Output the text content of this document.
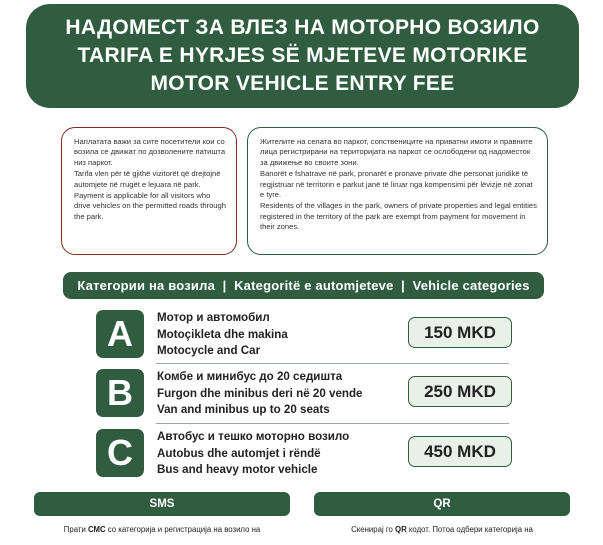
НАДОМЕСТ ЗА ВЛЕЗ НА МОТОРНО ВОЗИЛО
TARIFA E HYRJES SË MJETEVE MOTORIKE
MOTOR VEHICLE ENTRY FEE

Наплатата важи за сите посетители кои со возила се движат по дозволените патишта низ паркот.

Tarifa vlen për të gjithë vizitorët që drejtojnë automjete në rrugët e lejuara në park.

Payment is applicable for all visitors who drive vehicles on the permitted roads through the park.

Жителите на селата во паркот, сопствениците на приватни имоти и правните лица регистрирани на територијата на паркот се ослободени од надоместок за движење во своите зони.

Banorët e fshatrave në park, pronarët e pronave private dhe personat juridikë të regjistruar në territorin e parkut janë të liruar nga kompensimi për lëvizje në zonat e tyre.

Residents of the villages in the park, owners of private properties and legal entities registered in the territory of the park are exempt from payment for movement in their zones.

Категории на возила  |  Kategoritë e automjeteve  |  Vehicle categories
A	Мотор и автомобил
Motoçikleta dhe makina
Motocycle and Car
150 MKD
B	Комбе и минибус до 20 седишта
Furgon dhe minibus deri në 20 vende
Van and minibus up to 20 seats
250 MKD
C	Автобус и тешко моторно возило
Autobus dhe automjet i rëndë
Bus and heavy motor vehicle
450 MKD
SMS	QR
Прати СМС со категорија и регистрација на возило на	Скенирај го QR кодот. Потоа одбери категорија на
